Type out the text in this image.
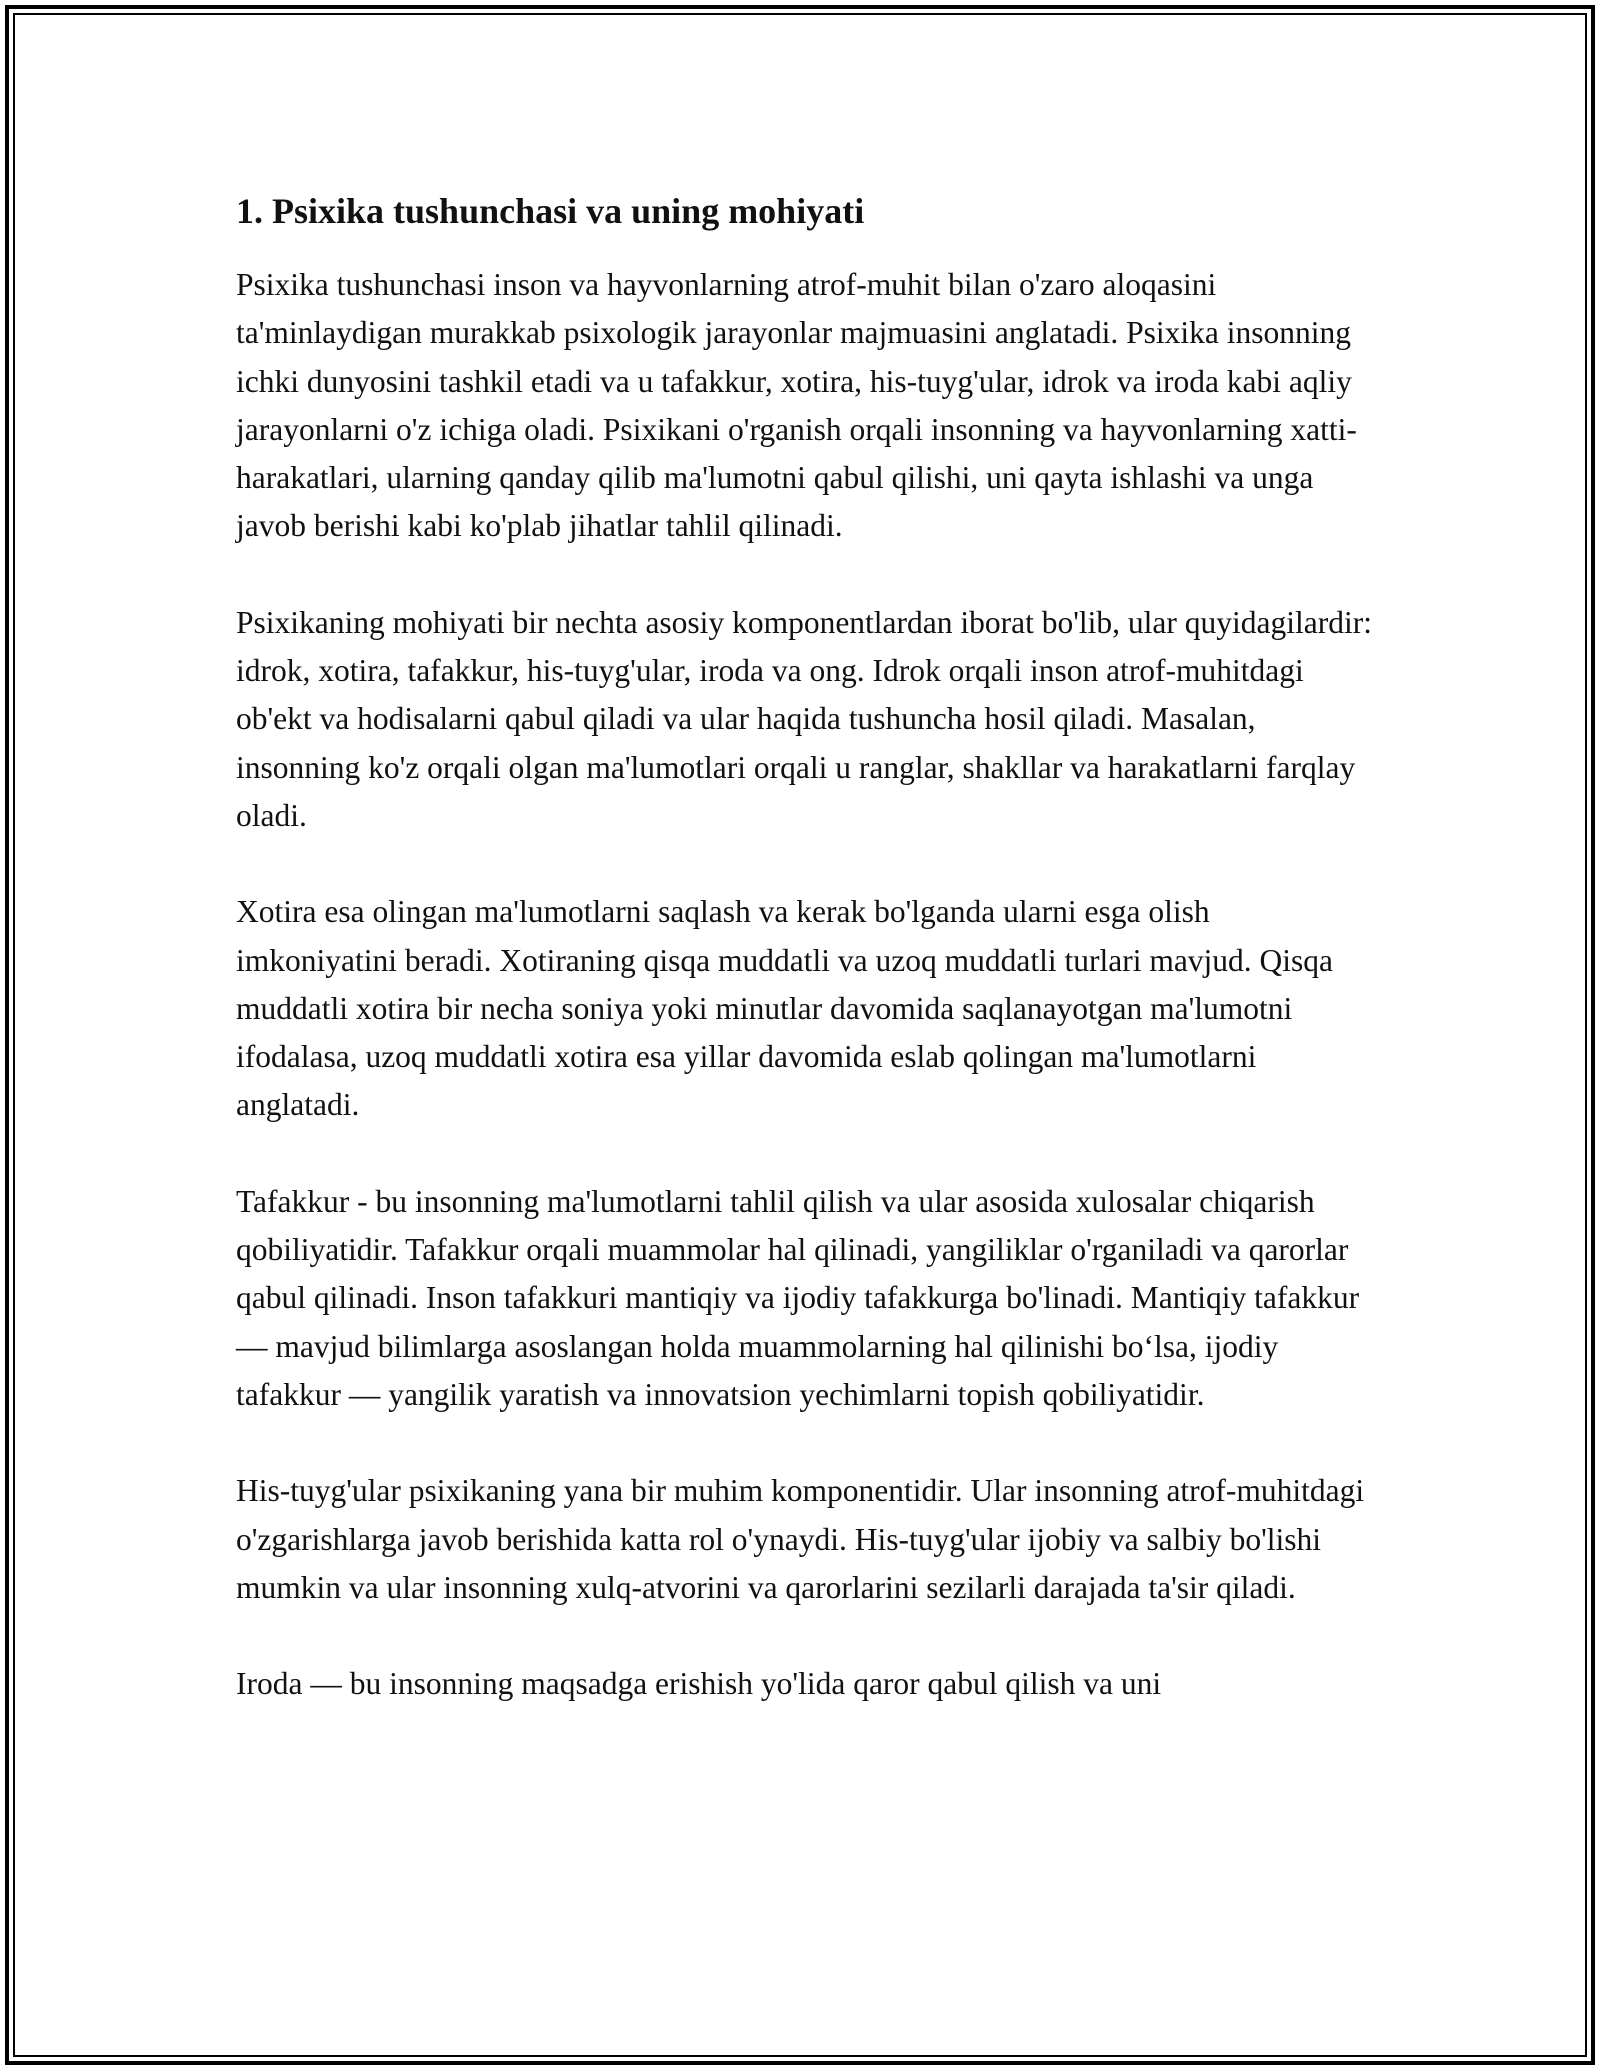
1. Psixika tushunchasi va uning mohiyati

Psixika tushunchasi inson va hayvonlarning atrof-muhit bilan o'zaro aloqasini ta'minlaydigan murakkab psixologik jarayonlar majmuasini anglatadi. Psixika insonning ichki dunyosini tashkil etadi va u tafakkur, xotira, his-tuyg'ular, idrok va iroda kabi aqliy jarayonlarni o'z ichiga oladi. Psixikani o'rganish orqali insonning va hayvonlarning xatti-harakatlari, ularning qanday qilib ma'lumotni qabul qilishi, uni qayta ishlashi va unga javob berishi kabi ko'plab jihatlar tahlil qilinadi.

Psixikaning mohiyati bir nechta asosiy komponentlardan iborat bo'lib, ular quyidagilardir: idrok, xotira, tafakkur, his-tuyg'ular, iroda va ong. Idrok orqali inson atrof-muhitdagi ob'ekt va hodisalarni qabul qiladi va ular haqida tushuncha hosil qiladi. Masalan, insonning ko'z orqali olgan ma'lumotlari orqali u ranglar, shakllar va harakatlarni farqlay oladi.

Xotira esa olingan ma'lumotlarni saqlash va kerak bo'lganda ularni esga olish imkoniyatini beradi. Xotiraning qisqa muddatli va uzoq muddatli turlari mavjud. Qisqa muddatli xotira bir necha soniya yoki minutlar davomida saqlanayotgan ma'lumotni ifodalasa, uzoq muddatli xotira esa yillar davomida eslab qolingan ma'lumotlarni anglatadi.

Tafakkur - bu insonning ma'lumotlarni tahlil qilish va ular asosida xulosalar chiqarish qobiliyatidir. Tafakkur orqali muammolar hal qilinadi, yangiliklar o'rganiladi va qarorlar qabul qilinadi. Inson tafakkuri mantiqiy va ijodiy tafakkurga bo'linadi. Mantiqiy tafakkur — mavjud bilimlarga asoslangan holda muammolarning hal qilinishi bo‘lsa, ijodiy tafakkur — yangilik yaratish va innovatsion yechimlarni topish qobiliyatidir.

His-tuyg'ular psixikaning yana bir muhim komponentidir. Ular insonning atrof-muhitdagi o'zgarishlarga javob berishida katta rol o'ynaydi. His-tuyg'ular ijobiy va salbiy bo'lishi mumkin va ular insonning xulq-atvorini va qarorlarini sezilarli darajada ta'sir qiladi.

Iroda — bu insonning maqsadga erishish yo'lida qaror qabul qilish va uni
